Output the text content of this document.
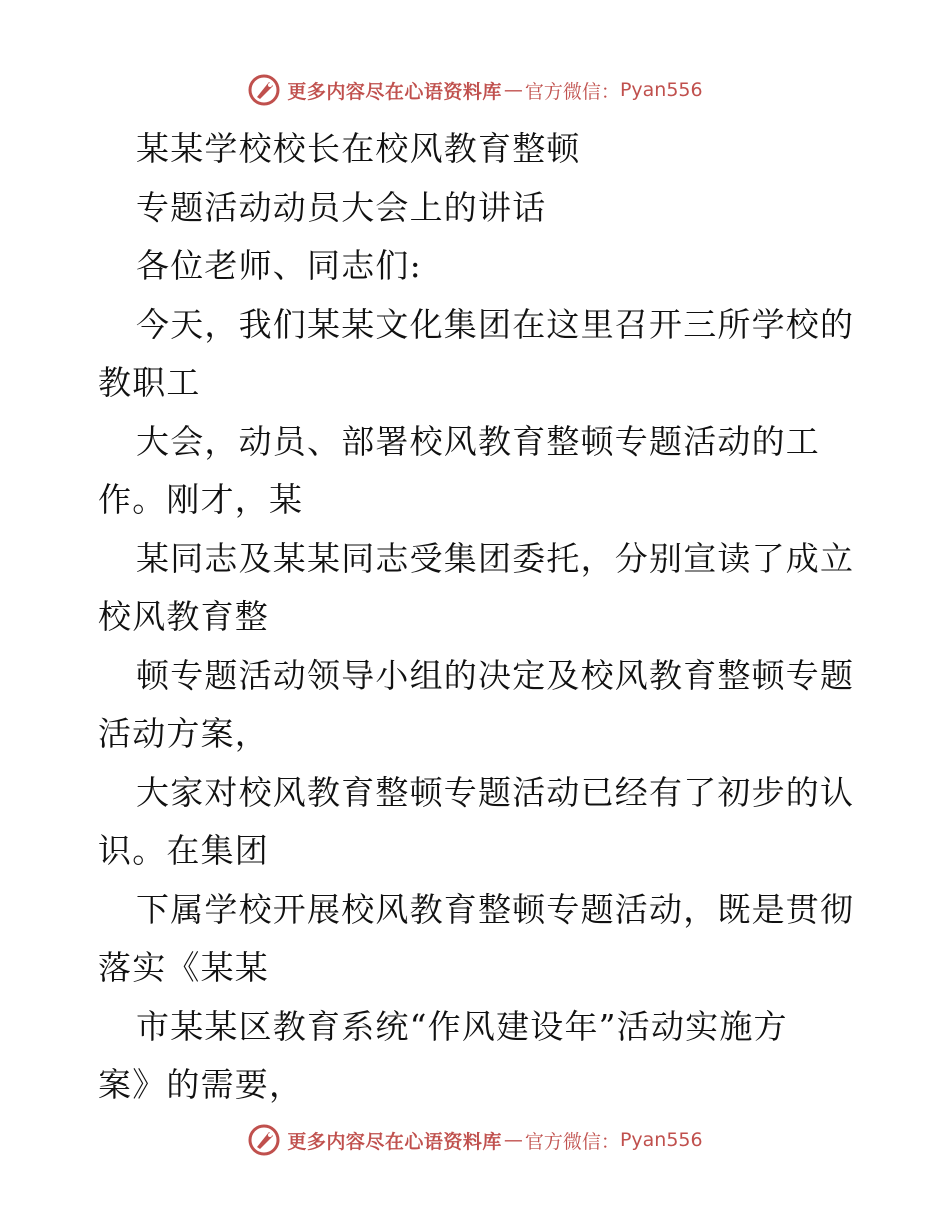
更多内容尽在心语资料库 — 官方微信： Pyan556
某某学校校长在校风教育整顿
专题活动动员大会上的讲话
各位老师、同志们:
今天，我们某某文化集团在这里召开三所学校的
教职工
大会，动员、部署校风教育整顿专题活动的工
作。刚才，某
某同志及某某同志受集团委托，分别宣读了成立
校风教育整
顿专题活动领导小组的决定及校风教育整顿专题
活动方案，
大家对校风教育整顿专题活动已经有了初步的认
识。在集团
下属学校开展校风教育整顿专题活动，既是贯彻
落实《某某
市某某区教育系统“作风建设年”活动实施方
案》的需要，
更多内容尽在心语资料库 — 官方微信： Pyan556
